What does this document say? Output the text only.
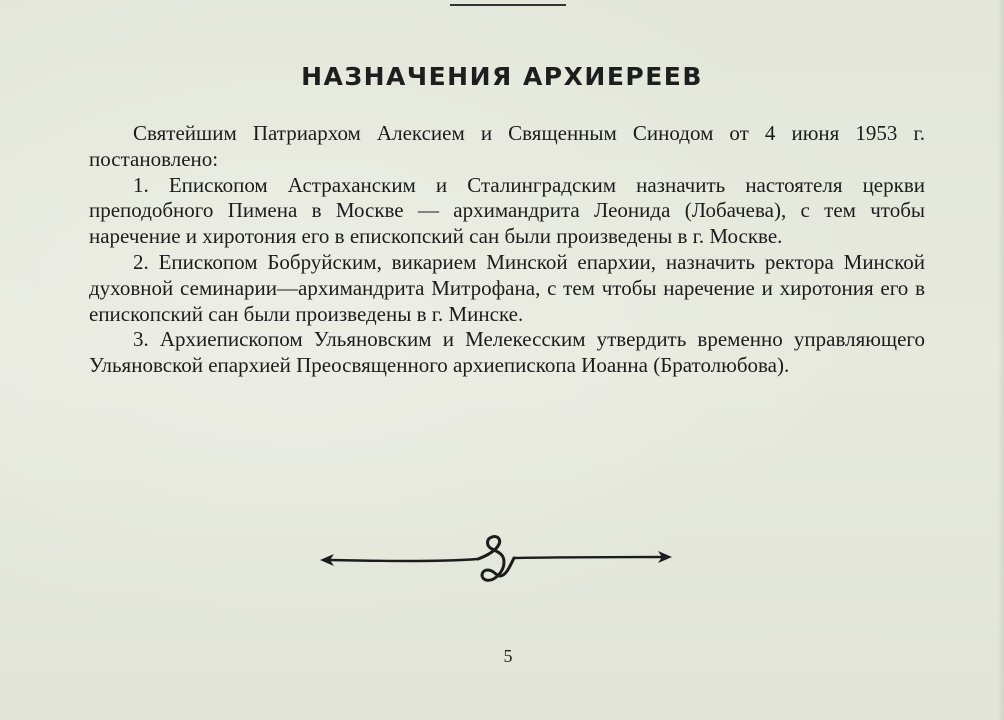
НАЗНАЧЕНИЯ АРХИЕРЕЕВ

Святейшим Патриархом Алексием и Священным Синодом от 4 июня 1953 г. постановлено:

1. Епископом Астраханским и Сталинградским назначить настоятеля церкви преподобного Пимена в Москве — архимандрита Леонида (Лобачева), с тем чтобы наречение и хиротония его в епископский сан были произведены в г. Москве.

2. Епископом Бобруйским, викарием Минской епархии, назначить ректора Минской духовной семинарии—архимандрита Митрофана, с тем чтобы наречение и хиротония его в епископский сан были произведены в г. Минске.

3. Архиепископом Ульяновским и Мелекесским утвердить временно управляющего Ульяновской епархией Преосвященного архиепископа Иоанна (Братолюбова).

5
